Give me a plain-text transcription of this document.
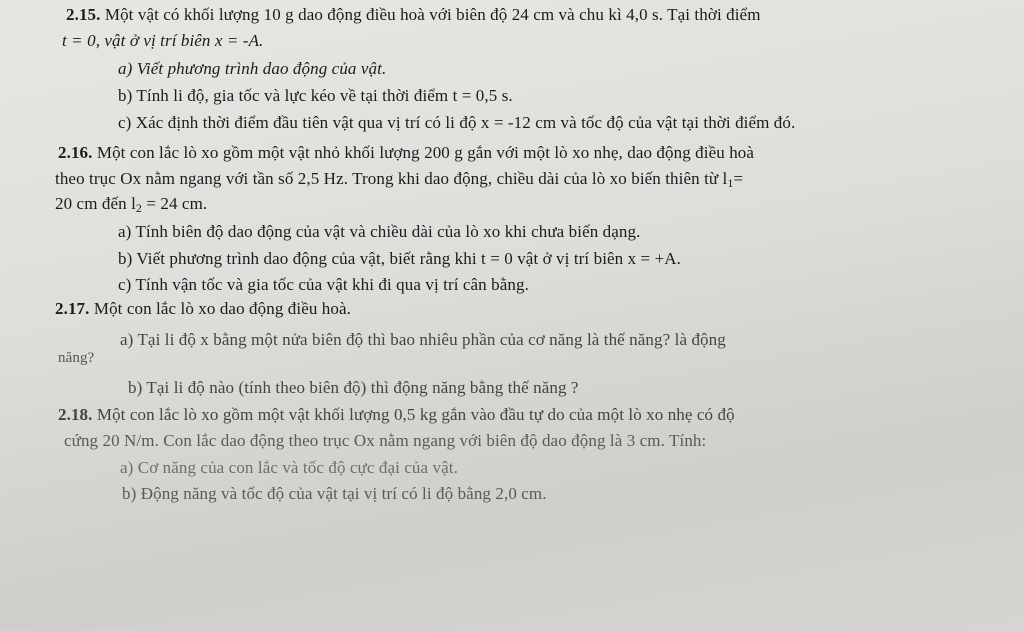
2.15. Một vật có khối lượng 10 g dao động điều hoà với biên độ 24 cm và chu kì 4,0 s. Tại thời điểm
t = 0, vật ở vị trí biên x = -A.
a) Viết phương trình dao động của vật.
b) Tính li độ, gia tốc và lực kéo về tại thời điểm t = 0,5 s.
c) Xác định thời điểm đầu tiên vật qua vị trí có li độ x = -12 cm và tốc độ của vật tại thời điểm đó.
2.16. Một con lắc lò xo gồm một vật nhỏ khối lượng 200 g gắn với một lò xo nhẹ, dao động điều hoà
theo trục Ox nằm ngang với tần số 2,5 Hz. Trong khi dao động, chiều dài của lò xo biến thiên từ $l_1=$
20 cm đến $l_2 = 24$ cm.
a) Tính biên độ dao động của vật và chiều dài của lò xo khi chưa biến dạng.
b) Viết phương trình dao động của vật, biết rằng khi t = 0 vật ở vị trí biên x = +A.
c) Tính vận tốc và gia tốc của vật khi đi qua vị trí cân bằng.
2.17. Một con lắc lò xo dao động điều hoà.
a) Tại li độ x bằng một nửa biên độ thì bao nhiêu phần của cơ năng là thế năng? là động
năng?
b) Tại li độ nào (tính theo biên độ) thì động năng bằng thế năng ?
2.18. Một con lắc lò xo gồm một vật khối lượng 0,5 kg gắn vào đầu tự do của một lò xo nhẹ có độ
cứng 20 N/m. Con lắc dao động theo trục Ox nằm ngang với biên độ dao động là 3 cm. Tính:
a) Cơ năng của con lắc và tốc độ cực đại của vật.
b) Động năng và tốc độ của vật tại vị trí có li độ bằng 2,0 cm.
